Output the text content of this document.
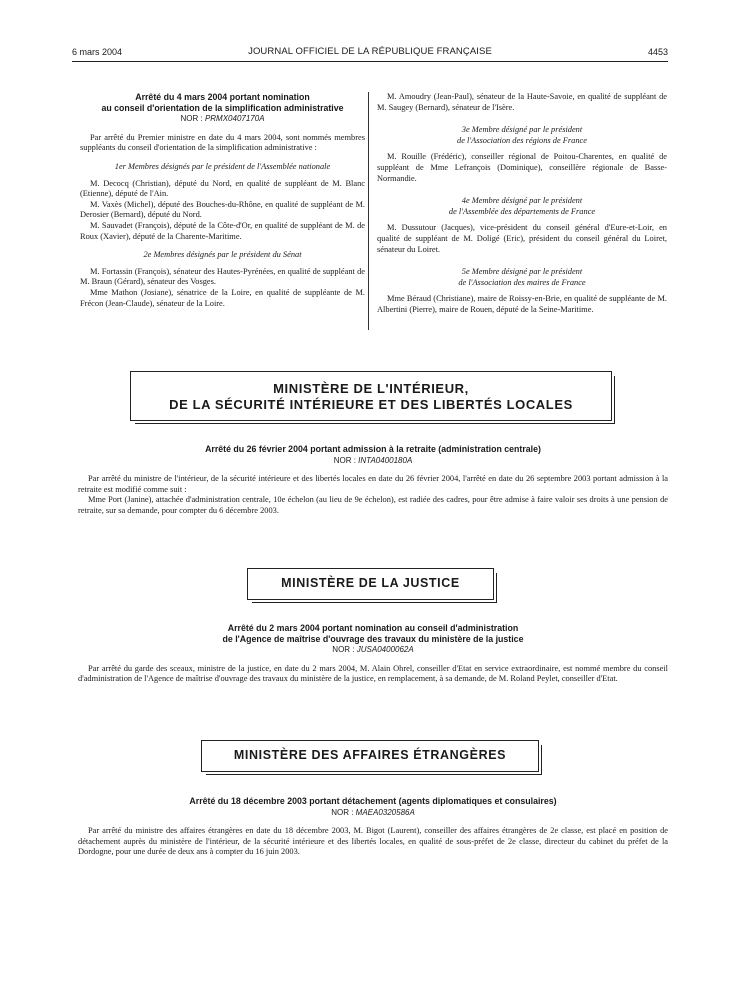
6 mars 2004	JOURNAL OFFICIEL DE LA RÉPUBLIQUE FRANÇAISE	4453

Arrêté du 4 mars 2004 portant nomination

au conseil d'orientation de la simplification administrative

NOR : PRMX0407170A

Par arrêté du Premier ministre en date du 4 mars 2004, sont nommés membres suppléants du conseil d'orientation de la simplification administrative :

1er Membres désignés par le président de l'Assemblée nationale

M. Decocq (Christian), député du Nord, en qualité de suppléant de M. Blanc (Etienne), député de l'Ain.

M. Vaxès (Michel), député des Bouches-du-Rhône, en qualité de suppléant de M. Derosier (Bernard), député du Nord.

M. Sauvadet (François), député de la Côte-d'Or, en qualité de suppléant de M. de Roux (Xavier), député de la Charente-Maritime.

2e Membres désignés par le président du Sénat

M. Fortassin (François), sénateur des Hautes-Pyrénées, en qualité de suppléant de M. Braun (Gérard), sénateur des Vosges.

Mme Mathon (Josiane), sénatrice de la Loire, en qualité de suppléante de M. Frécon (Jean-Claude), sénateur de la Loire.

M. Amoudry (Jean-Paul), sénateur de la Haute-Savoie, en qualité de suppléant de M. Saugey (Bernard), sénateur de l'Isère.

3e Membre désigné par le président

de l'Association des régions de France

M. Rouille (Frédéric), conseiller régional de Poitou-Charentes, en qualité de suppléant de Mme Lefrançois (Dominique), conseillère régionale de Basse-Normandie.

4e Membre désigné par le président

de l'Assemblée des départements de France

M. Dussutour (Jacques), vice-président du conseil général d'Eure-et-Loir, en qualité de suppléant de M. Doligé (Eric), président du conseil général du Loiret, sénateur du Loiret.

5e Membre désigné par le président

de l'Association des maires de France

Mme Béraud (Christiane), maire de Roissy-en-Brie, en qualité de suppléante de M. Albertini (Pierre), maire de Rouen, député de la Seine-Maritime.

MINISTÈRE DE L'INTÉRIEUR,
DE LA SÉCURITÉ INTÉRIEURE ET DES LIBERTÉS LOCALES

Arrêté du 26 février 2004 portant admission à la retraite (administration centrale)

NOR : INTA0400180A

Par arrêté du ministre de l'intérieur, de la sécurité intérieure et des libertés locales en date du 26 février 2004, l'arrêté en date du 26 septembre 2003 portant admission à la retraite est modifié comme suit :

Mme Port (Janine), attachée d'administration centrale, 10e échelon (au lieu de 9e échelon), est radiée des cadres, pour être admise à faire valoir ses droits à une pension de retraite, sur sa demande, pour compter du 6 décembre 2003.

MINISTÈRE DE LA JUSTICE

Arrêté du 2 mars 2004 portant nomination au conseil d'administration

de l'Agence de maîtrise d'ouvrage des travaux du ministère de la justice

NOR : JUSA0400062A

Par arrêté du garde des sceaux, ministre de la justice, en date du 2 mars 2004, M. Alain Ohrel, conseiller d'Etat en service extraordinaire, est nommé membre du conseil d'administration de l'Agence de maîtrise d'ouvrage des travaux du ministère de la justice, en remplacement, à sa demande, de M. Roland Peylet, conseiller d'Etat.

MINISTÈRE DES AFFAIRES ÉTRANGÈRES

Arrêté du 18 décembre 2003 portant détachement (agents diplomatiques et consulaires)

NOR : MAEA0320586A

Par arrêté du ministre des affaires étrangères en date du 18 décembre 2003, M. Bigot (Laurent), conseiller des affaires étrangères de 2e classe, est placé en position de détachement auprès du ministère de l'intérieur, de la sécurité intérieure et des libertés locales, en qualité de sous-préfet de 2e classe, directeur du cabinet du préfet de la Dordogne, pour une durée de deux ans à compter du 16 juin 2003.
